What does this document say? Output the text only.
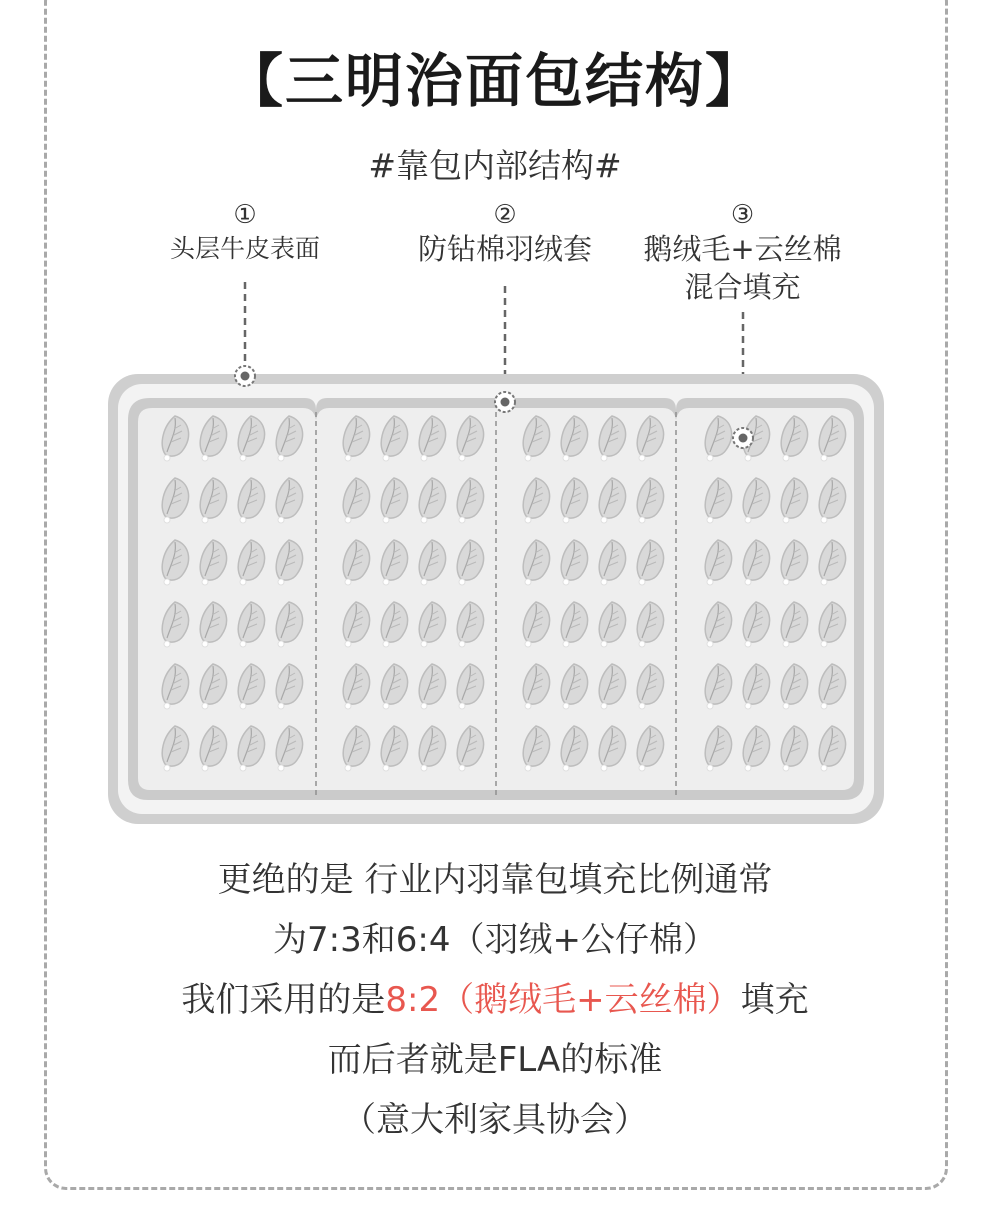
【三明治面包结构】
#靠包内部结构#
①
头层牛皮表面
②
防钻棉羽绒套
③
鹅绒毛+云丝棉
混合填充
更绝的是 行业内羽靠包填充比例通常
为7:3和6:4（羽绒+公仔棉）
我们采用的是8:2（鹅绒毛+云丝棉）填充
而后者就是FLA的标准
（意大利家具协会）
